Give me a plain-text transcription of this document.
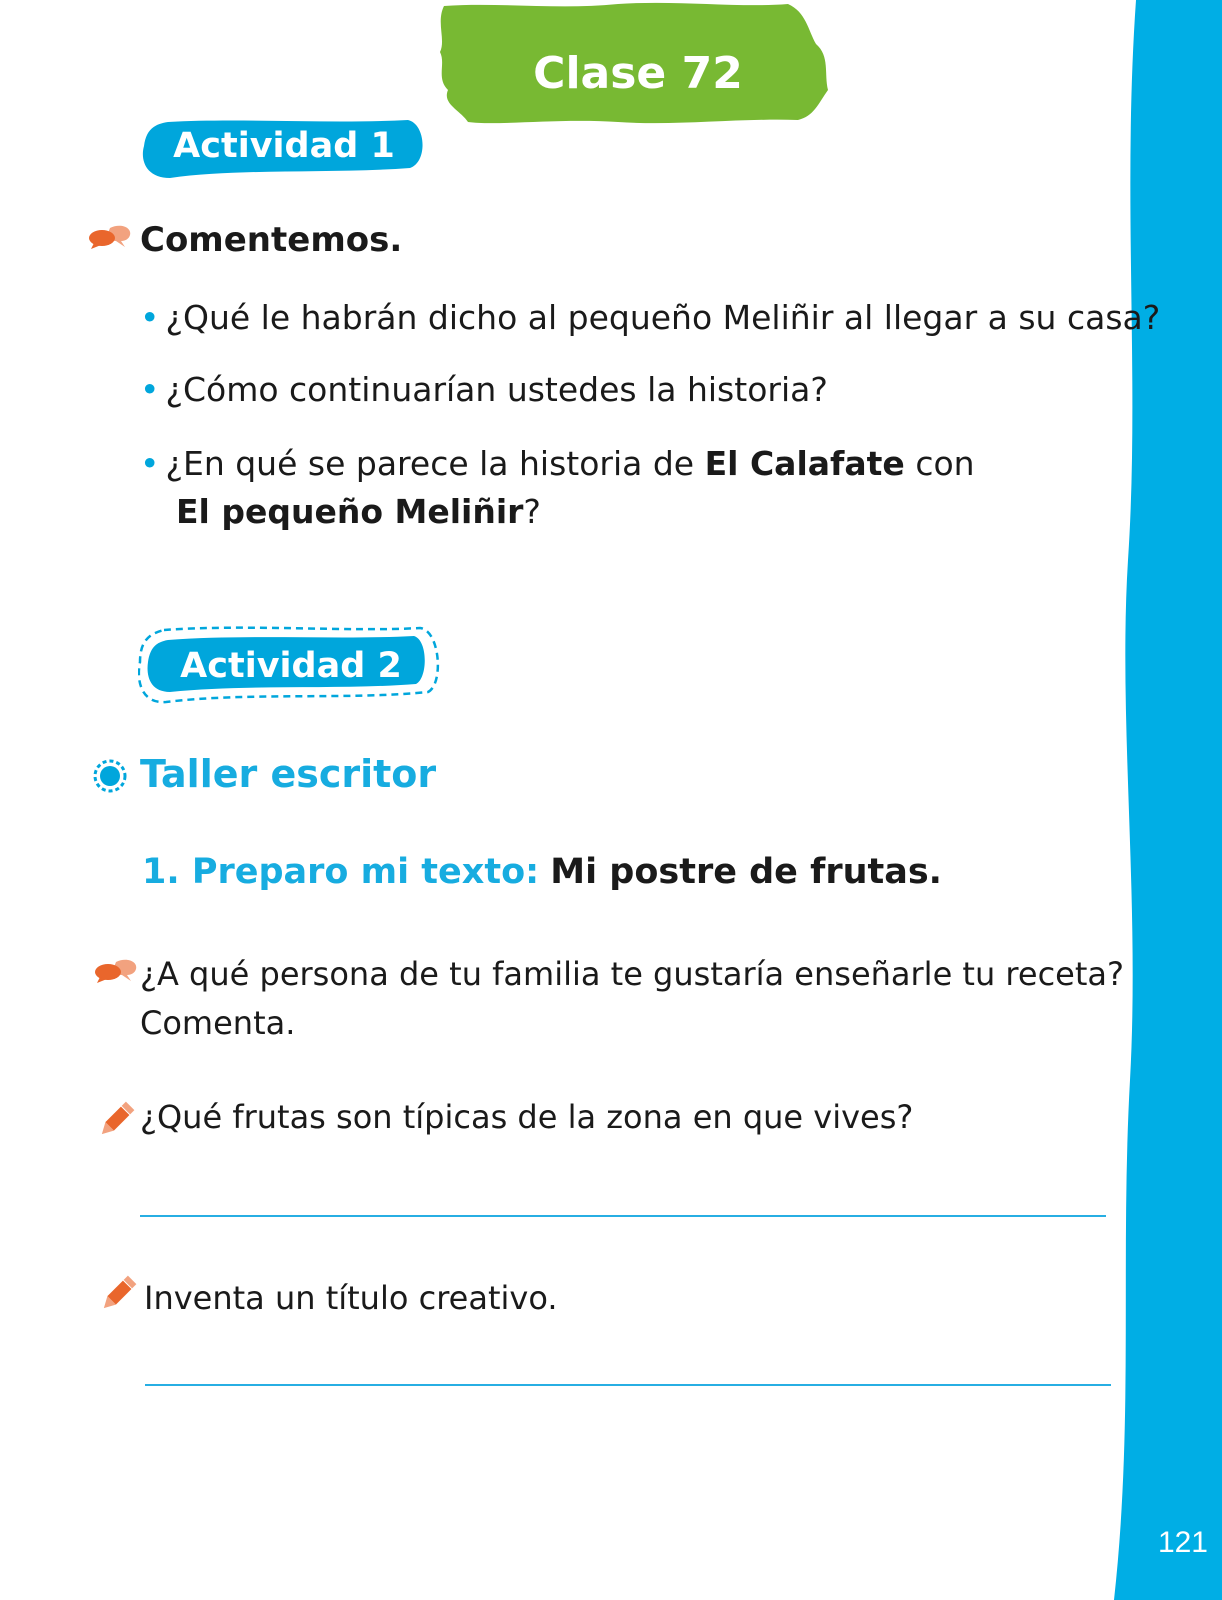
121
Clase 72
Actividad 1
Comentemos.
• ¿Qué le habrán dicho al pequeño Meliñir al llegar a su casa?
• ¿Cómo continuarían ustedes la historia?
• ¿En qué se parece la historia de El Calafate con
El pequeño Meliñir?
Actividad 2
Taller escritor
1. Preparo mi texto: Mi postre de frutas.
¿A qué persona de tu familia te gustaría enseñarle tu receta?
Comenta.
¿Qué frutas son típicas de la zona en que vives?
Inventa un título creativo.
